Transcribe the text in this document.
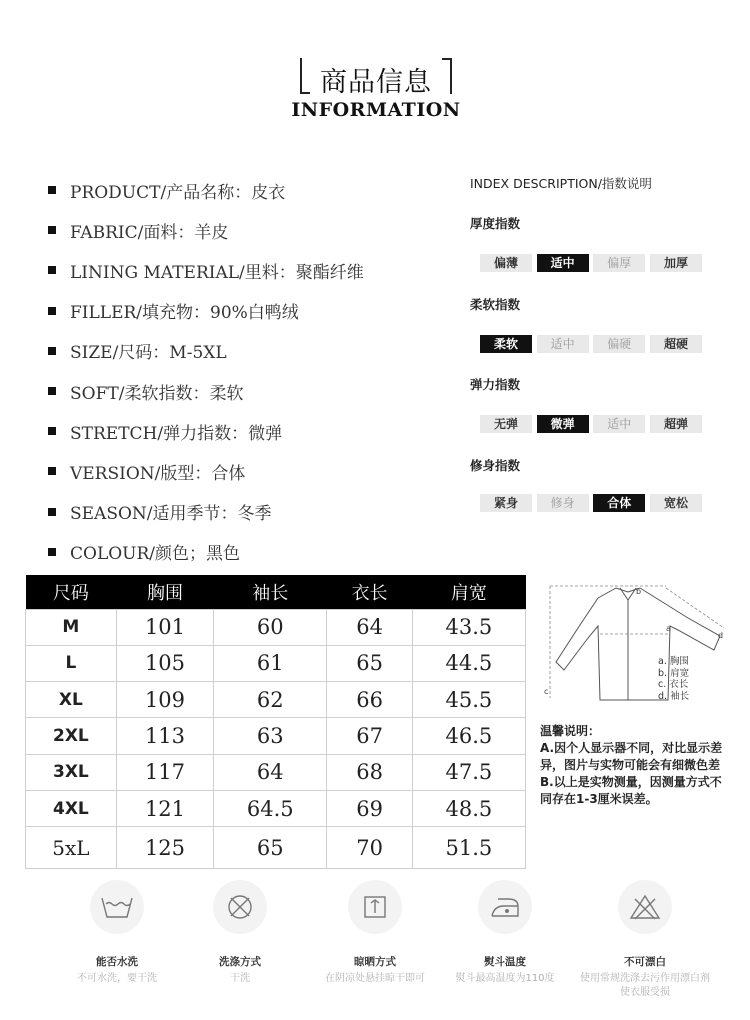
商品信息
INFORMATION
PRODUCT/产品名称：皮衣
FABRIC/面料：羊皮
LINING MATERIAL/里料：聚酯纤维
FILLER/填充物：90%白鸭绒
SIZE/尺码：M-5XL
SOFT/柔软指数：柔软
STRETCH/弹力指数：微弹
VERSION/版型：合体
SEASON/适用季节：冬季
COLOUR/颜色；黑色
INDEX DESCRIPTION/指数说明
厚度指数
偏薄	适中	偏厚	加厚
柔软指数
柔软	适中	偏硬	超硬
弹力指数
无弹	微弹	适中	超弹
修身指数
紧身	修身	合体	宽松
尺码	胸围	袖长	衣长	肩宽
M	101	60	64	43.5
L	105	61	65	44.5
XL	109	62	66	45.5
2XL	113	63	67	46.5
3XL	117	64	68	47.5
4XL	121	64.5	69	48.5
5xL	125	65	70	51.5
b
a
c
d
a. 胸围
b. 肩宽
c. 衣长
d. 袖长
温馨说明：
A.因个人显示器不同，对比显示差异，图片与实物可能会有细微色差
B.以上是实物测量，因测量方式不同存在1-3厘米误差。
能否水洗
不可水洗，要干洗
洗涤方式
干洗
晾晒方式
在阴凉处悬挂晾干即可
熨斗温度
熨斗最高温度为110度
不可漂白
使用常规洗涤去污作用漂白剂使衣服受损
